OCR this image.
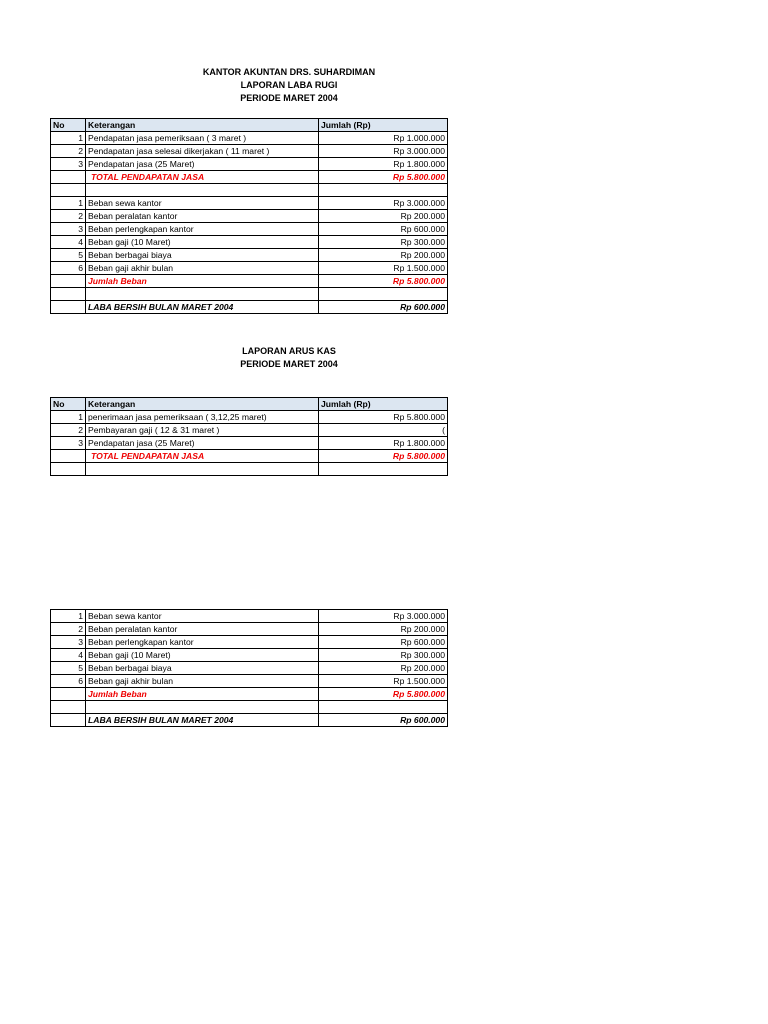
KANTOR AKUNTAN DRS. SUHARDIMAN
LAPORAN LABA RUGI
PERIODE MARET 2004
No	Keterangan	Jumlah (Rp)
1	Pendapatan jasa pemeriksaan ( 3 maret )	Rp 1.000.000
2	Pendapatan jasa selesai dikerjakan ( 11 maret )	Rp 3.000.000
3	Pendapatan jasa (25 Maret)	Rp 1.800.000
	TOTAL PENDAPATAN JASA	Rp 5.800.000

1	Beban sewa kantor	Rp 3.000.000
2	Beban peralatan kantor	Rp 200.000
3	Beban perlengkapan kantor	Rp 600.000
4	Beban gaji (10 Maret)	Rp 300.000
5	Beban berbagai biaya	Rp 200.000
6	Beban gaji akhir bulan	Rp 1.500.000
	Jumlah Beban	Rp 5.800.000

	LABA BERSIH BULAN MARET 2004	Rp 600.000
LAPORAN ARUS KAS
PERIODE MARET 2004
No	Keterangan	Jumlah (Rp)
1	penerimaan jasa pemeriksaan ( 3,12,25 maret)	Rp 5.800.000
2	Pembayaran gaji ( 12 & 31 maret )	(
3	Pendapatan jasa (25 Maret)	Rp 1.800.000
	TOTAL PENDAPATAN JASA	Rp 5.800.000

1	Beban sewa kantor	Rp 3.000.000
2	Beban peralatan kantor	Rp 200.000
3	Beban perlengkapan kantor	Rp 600.000
4	Beban gaji (10 Maret)	Rp 300.000
5	Beban berbagai biaya	Rp 200.000
6	Beban gaji akhir bulan	Rp 1.500.000
	Jumlah Beban	Rp 5.800.000

	LABA BERSIH BULAN MARET 2004	Rp 600.000
